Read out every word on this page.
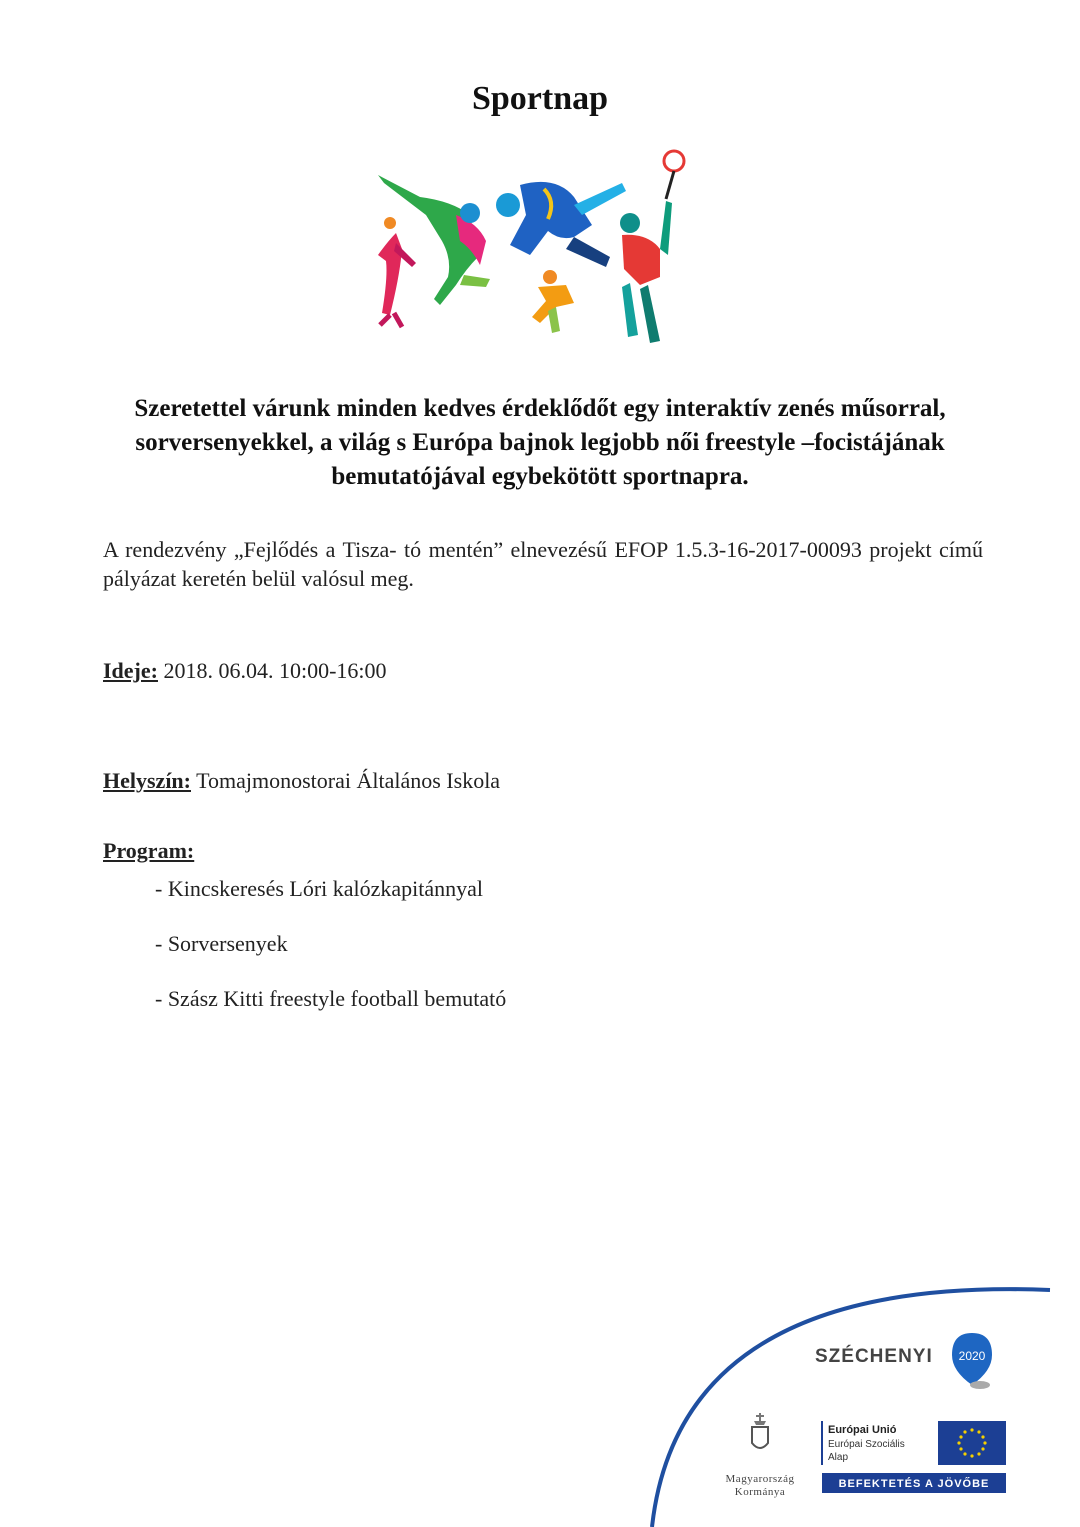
Sportnap

Szeretettel várunk minden kedves érdeklődőt egy interaktív zenés műsorral, sorversenyekkel, a világ s Európa bajnok legjobb női freestyle –focistájának bemutatójával egybekötött sportnapra.

A rendezvény „Fejlődés a Tisza- tó mentén” elnevezésű EFOP 1.5.3-16-2017-00093 projekt című pályázat keretén belül valósul meg.

Ideje: 2018. 06.04. 10:00-16:00

Helyszín: Tomajmonostorai Általános Iskola

Program:

- Kincskeresés Lóri kalózkapitánnyal
- Sorversenyek
- Szász Kitti freestyle football bemutató
SZÉCHENYI 2020
Magyarország
Kormánya
Európai Unió
Európai Szociális
Alap
BEFEKTETÉS A JÖVŐBE
